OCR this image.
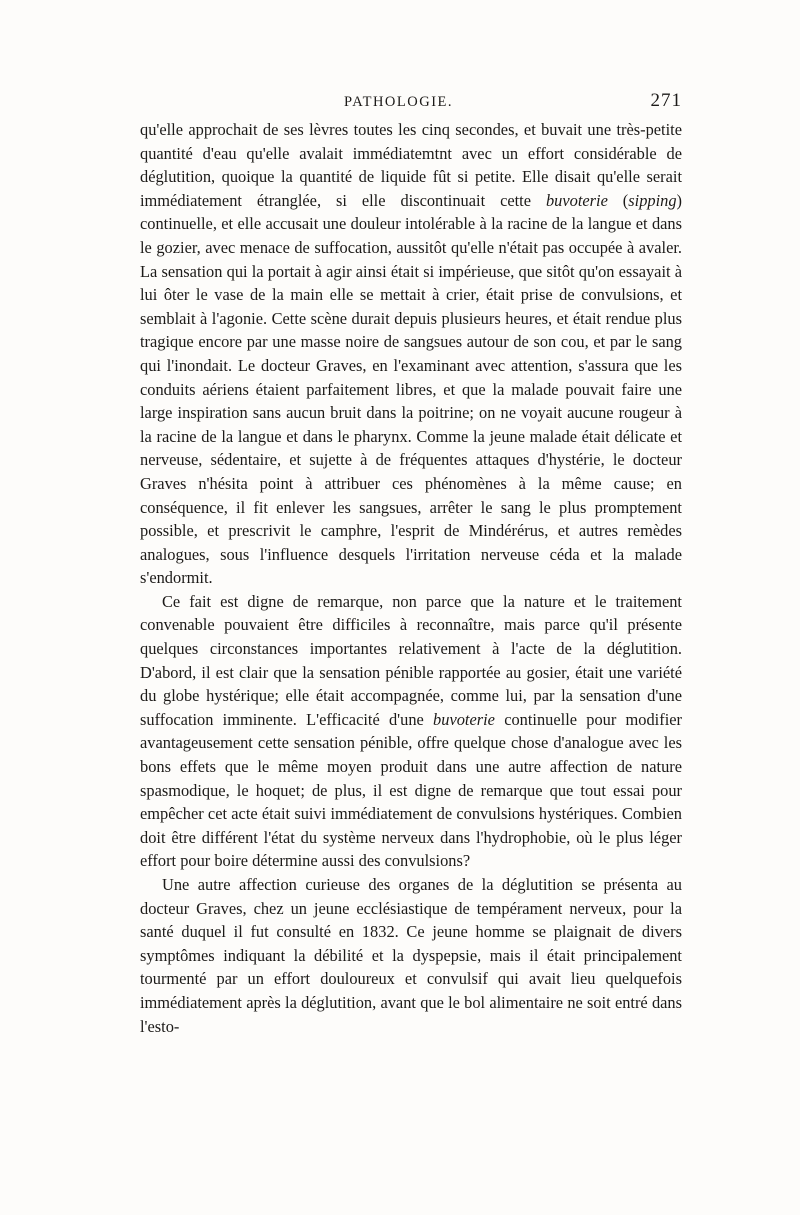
PATHOLOGIE.	271

qu'elle approchait de ses lèvres toutes les cinq secondes, et buvait une très-petite quantité d'eau qu'elle avalait immédiatemtnt avec un effort considérable de déglutition, quoique la quantité de liquide fût si petite. Elle disait qu'elle serait immédiatement étranglée, si elle discontinuait cette buvoterie (sipping) continuelle, et elle accusait une douleur intolérable à la racine de la langue et dans le gozier, avec menace de suffocation, aussitôt qu'elle n'était pas occupée à avaler. La sensation qui la portait à agir ainsi était si impérieuse, que sitôt qu'on essayait à lui ôter le vase de la main elle se mettait à crier, était prise de convulsions, et semblait à l'agonie. Cette scène durait depuis plusieurs heures, et était rendue plus tragique encore par une masse noire de sangsues autour de son cou, et par le sang qui l'inondait. Le docteur Graves, en l'examinant avec attention, s'assura que les conduits aériens étaient parfaitement libres, et que la malade pouvait faire une large inspiration sans aucun bruit dans la poitrine; on ne voyait aucune rougeur à la racine de la langue et dans le pharynx. Comme la jeune malade était délicate et nerveuse, sédentaire, et sujette à de fréquentes attaques d'hystérie, le docteur Graves n'hésita point à attribuer ces phénomènes à la même cause; en conséquence, il fit enlever les sangsues, arrêter le sang le plus promptement possible, et prescrivit le camphre, l'esprit de Mindérérus, et autres remèdes analogues, sous l'influence desquels l'irritation nerveuse céda et la malade s'endormit.

Ce fait est digne de remarque, non parce que la nature et le traitement convenable pouvaient être difficiles à reconnaître, mais parce qu'il présente quelques circonstances importantes relativement à l'acte de la déglutition. D'abord, il est clair que la sensation pénible rapportée au gosier, était une variété du globe hystérique; elle était accompagnée, comme lui, par la sensation d'une suffocation imminente. L'efficacité d'une buvoterie continuelle pour modifier avantageusement cette sensation pénible, offre quelque chose d'analogue avec les bons effets que le même moyen produit dans une autre affection de nature spasmodique, le hoquet; de plus, il est digne de remarque que tout essai pour empêcher cet acte était suivi immédiatement de convulsions hystériques. Combien doit être différent l'état du système nerveux dans l'hydrophobie, où le plus léger effort pour boire détermine aussi des convulsions?

Une autre affection curieuse des organes de la déglutition se présenta au docteur Graves, chez un jeune ecclésiastique de tempérament nerveux, pour la santé duquel il fut consulté en 1832. Ce jeune homme se plaignait de divers symptômes indiquant la débilité et la dyspepsie, mais il était principalement tourmenté par un effort douloureux et convulsif qui avait lieu quelquefois immédiatement après la déglutition, avant que le bol alimentaire ne soit entré dans l'esto-
